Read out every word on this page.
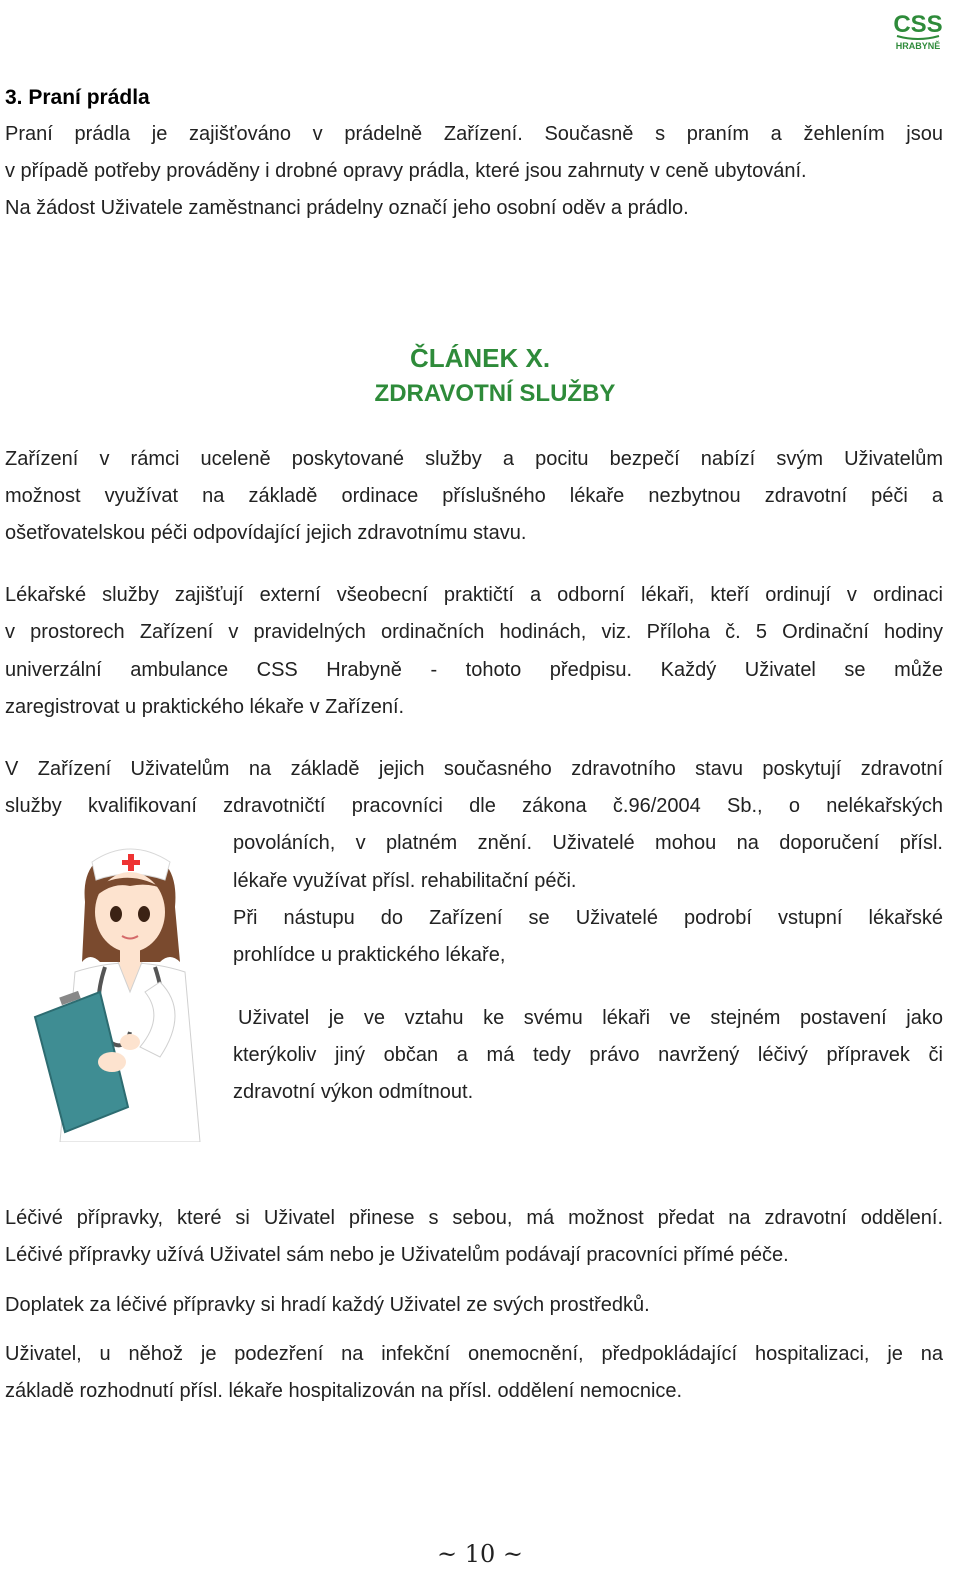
CSS
HRABYNĚ
3. Praní prádla
Praní prádla je zajišťováno v prádelně Zařízení. Současně s praním a žehlením jsou
v případě potřeby prováděny i drobné opravy prádla, které jsou zahrnuty v ceně ubytování.
Na žádost Uživatele zaměstnanci prádelny označí jeho osobní oděv a prádlo.
ČLÁNEK X.
ZDRAVOTNÍ SLUŽBY
Zařízení v rámci uceleně poskytované služby a pocitu bezpečí nabízí svým Uživatelům
možnost využívat na základě ordinace příslušného lékaře nezbytnou zdravotní péči a
ošetřovatelskou péči odpovídající jejich zdravotnímu stavu.
Lékařské služby zajišťují externí všeobecní praktičtí a odborní lékaři, kteří ordinují v ordinaci
v prostorech Zařízení v pravidelných ordinačních hodinách, viz. Příloha č. 5 Ordinační hodiny
univerzální ambulance CSS Hrabyně - tohoto předpisu. Každý Uživatel se může
zaregistrovat u praktického lékaře v Zařízení.
V Zařízení Uživatelům na základě jejich současného zdravotního stavu poskytují zdravotní
služby kvalifikovaní zdravotničtí pracovníci dle zákona č.96/2004 Sb., o nelékařských
povoláních, v platném znění. Uživatelé mohou na doporučení přísl.
lékaře využívat přísl. rehabilitační péči.
Při nástupu do Zařízení se Uživatelé podrobí vstupní lékařské
prohlídce u praktického lékaře,
Uživatel je ve vztahu ke svému lékaři ve stejném postavení jako
kterýkoliv jiný občan a má tedy právo navržený léčivý přípravek či
zdravotní výkon odmítnout.
Léčivé přípravky, které si Uživatel přinese s sebou, má možnost předat na zdravotní oddělení.
Léčivé přípravky užívá Uživatel sám nebo je Uživatelům podávají pracovníci přímé péče.
Doplatek za léčivé přípravky si hradí každý Uživatel ze svých prostředků.
Uživatel, u něhož je podezření na infekční onemocnění, předpokládající hospitalizaci, je na
základě rozhodnutí přísl. lékaře hospitalizován na přísl. oddělení nemocnice.
~ 10 ~
